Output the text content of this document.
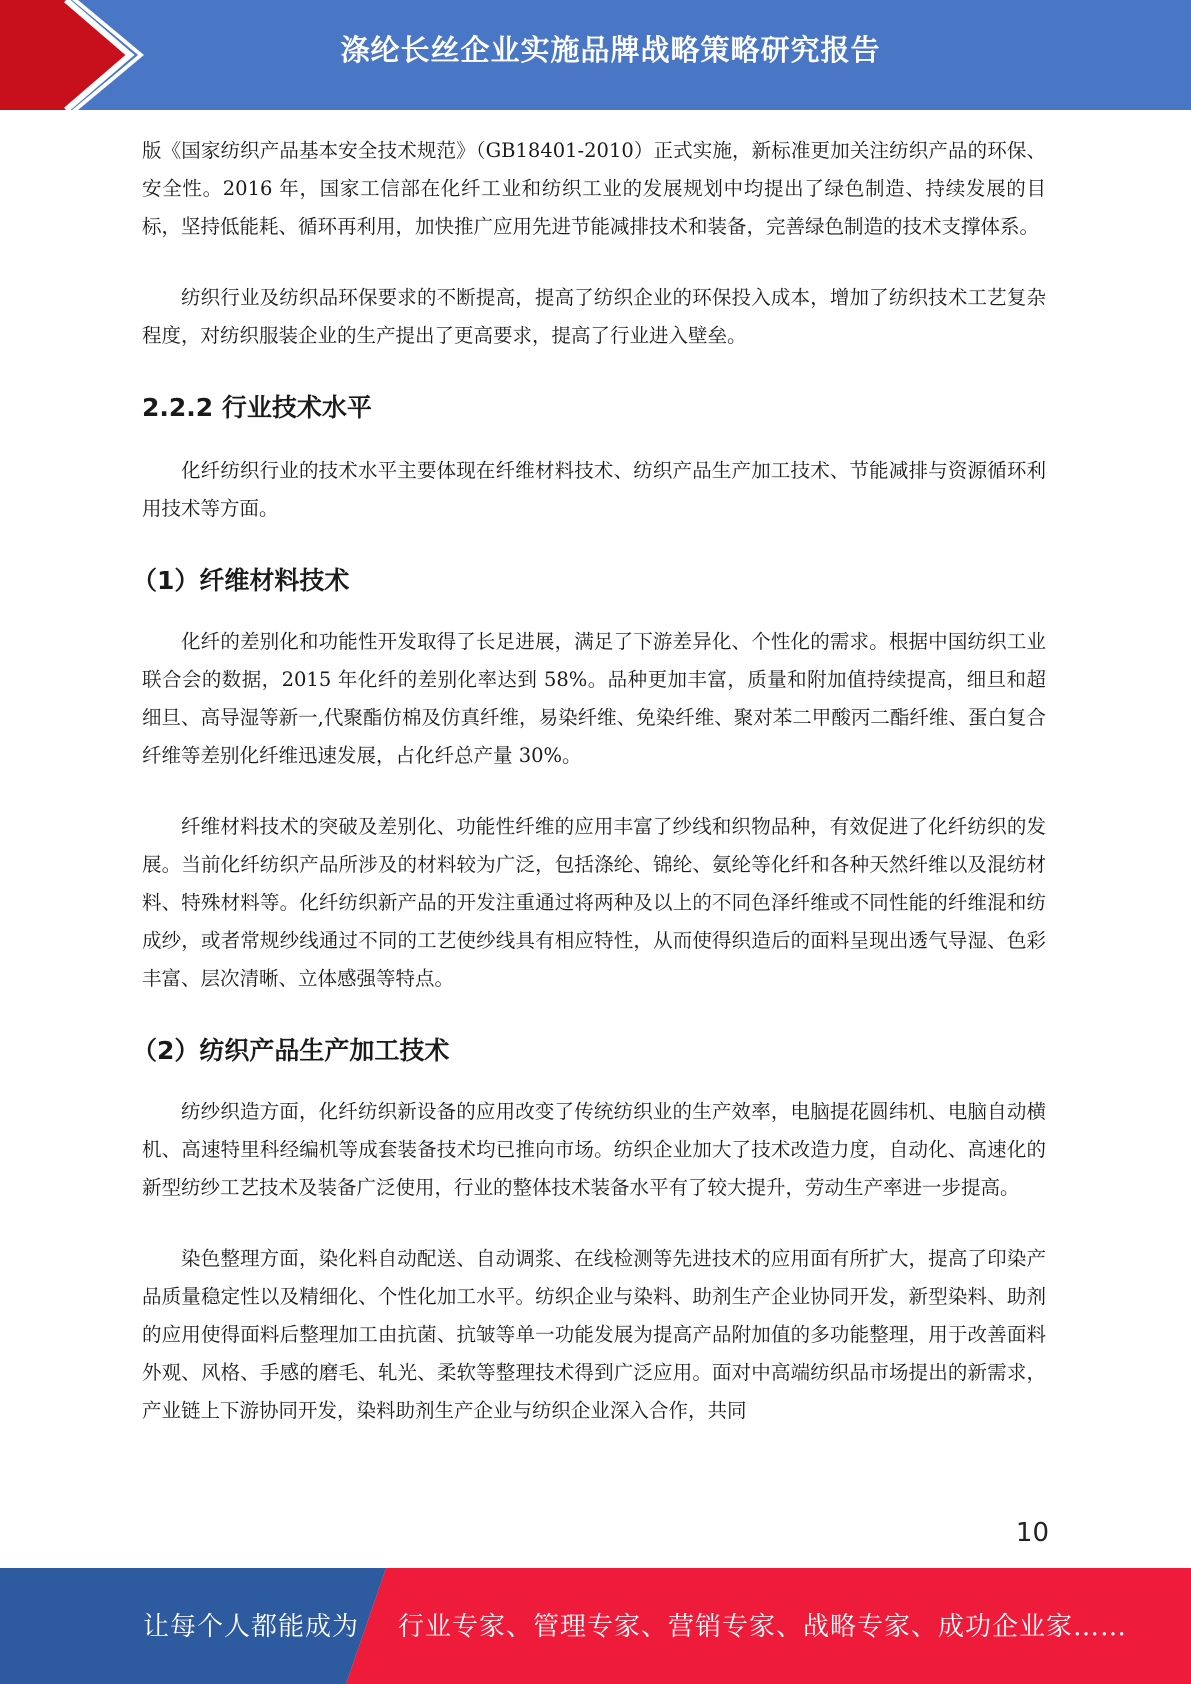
涤纶长丝企业实施品牌战略策略研究报告

版《国家纺织产品基本安全技术规范》（GB18401-2010）正式实施，新标准更加关注纺织产品的环保、安全性。2016 年，国家工信部在化纤工业和纺织工业的发展规划中均提出了绿色制造、持续发展的目标，坚持低能耗、循环再利用，加快推广应用先进节能减排技术和装备，完善绿色制造的技术支撑体系。

纺织行业及纺织品环保要求的不断提高，提高了纺织企业的环保投入成本，增加了纺织技术工艺复杂程度，对纺织服装企业的生产提出了更高要求，提高了行业进入壁垒。

2.2.2 行业技术水平

化纤纺织行业的技术水平主要体现在纤维材料技术、纺织产品生产加工技术、节能减排与资源循环利用技术等方面。

（1）纤维材料技术

化纤的差别化和功能性开发取得了长足进展，满足了下游差异化、个性化的需求。根据中国纺织工业联合会的数据，2015 年化纤的差别化率达到 58%。品种更加丰富，质量和附加值持续提高，细旦和超细旦、高导湿等新一,代聚酯仿棉及仿真纤维，易染纤维、免染纤维、聚对苯二甲酸丙二酯纤维、蛋白复合纤维等差别化纤维迅速发展，占化纤总产量 30%。

纤维材料技术的突破及差别化、功能性纤维的应用丰富了纱线和织物品种，有效促进了化纤纺织的发展。当前化纤纺织产品所涉及的材料较为广泛，包括涤纶、锦纶、氨纶等化纤和各种天然纤维以及混纺材料、特殊材料等。化纤纺织新产品的开发注重通过将两种及以上的不同色泽纤维或不同性能的纤维混和纺成纱，或者常规纱线通过不同的工艺使纱线具有相应特性，从而使得织造后的面料呈现出透气导湿、色彩丰富、层次清晰、立体感强等特点。

（2）纺织产品生产加工技术

纺纱织造方面，化纤纺织新设备的应用改变了传统纺织业的生产效率，电脑提花圆纬机、电脑自动横机、高速特里科经编机等成套装备技术均已推向市场。纺织企业加大了技术改造力度，自动化、高速化的新型纺纱工艺技术及装备广泛使用，行业的整体技术装备水平有了较大提升，劳动生产率进一步提高。

染色整理方面，染化料自动配送、自动调浆、在线检测等先进技术的应用面有所扩大，提高了印染产品质量稳定性以及精细化、个性化加工水平。纺织企业与染料、助剂生产企业协同开发，新型染料、助剂的应用使得面料后整理加工由抗菌、抗皱等单一功能发展为提高产品附加值的多功能整理，用于改善面料外观、风格、手感的磨毛、轧光、柔软等整理技术得到广泛应用。面对中高端纺织品市场提出的新需求，产业链上下游协同开发，染料助剂生产企业与纺织企业深入合作，共同

10
让每个人都能成为 行业专家、管理专家、营销专家、战略专家、成功企业家……
